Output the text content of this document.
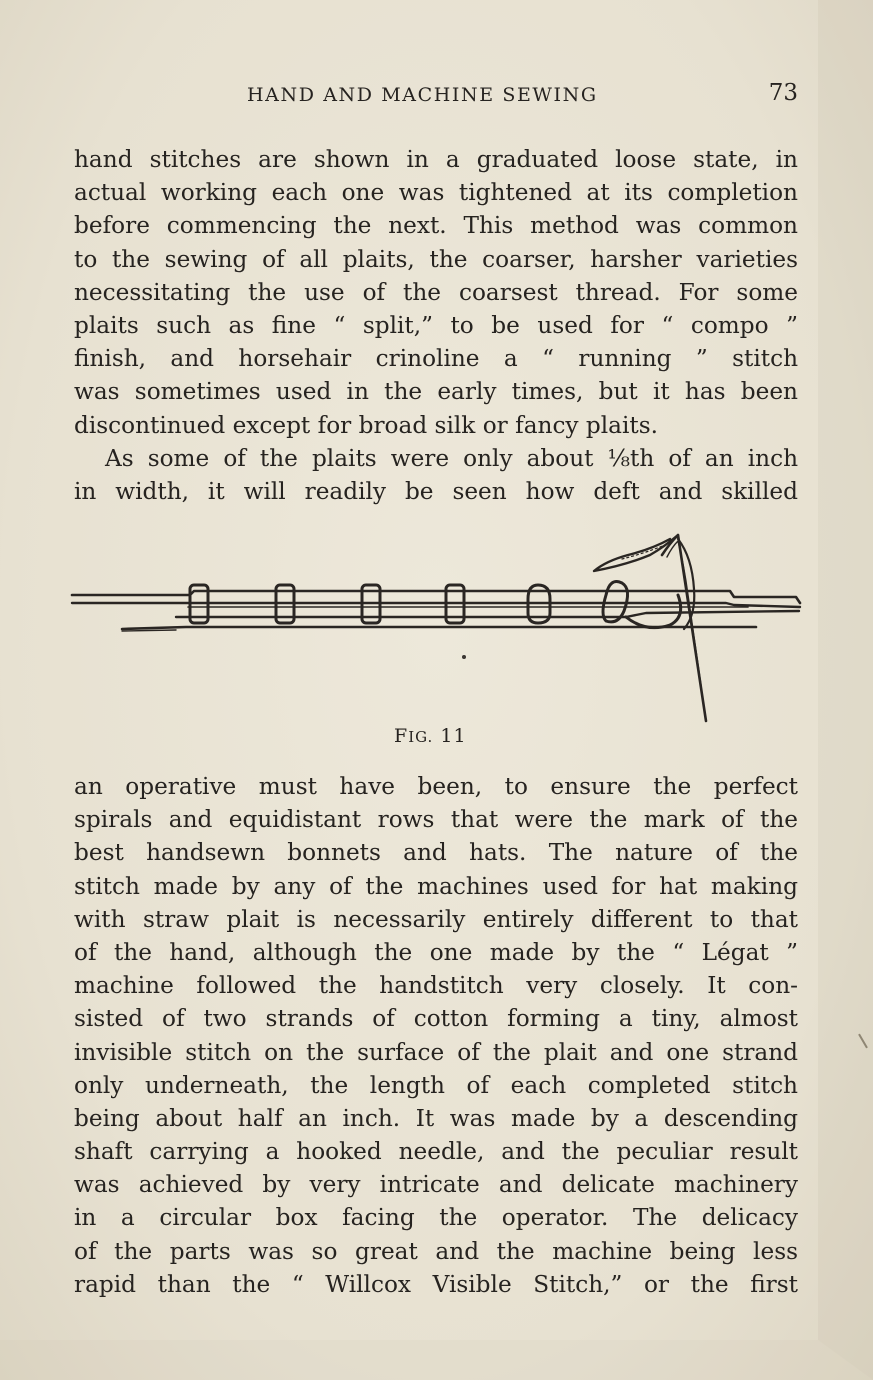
HAND AND MACHINE SEWING	73
hand stitches are shown in a graduated loose state, in
actual working each one was tightened at its completion
before commencing the next. This method was common
to the sewing of all plaits, the coarser, harsher varieties
necessitating the use of the coarsest thread. For some
plaits such as fine “ split,” to be used for “ compo ”
finish, and horsehair crinoline a “ running ” stitch
was sometimes used in the early times, but it has been
discontinued except for broad silk or fancy plaits.
As some of the plaits were only about ⅛th of an inch
in width, it will readily be seen how deft and skilled
FIG. 11
an operative must have been, to ensure the perfect
spirals and equidistant rows that were the mark of the
best handsewn bonnets and hats. The nature of the
stitch made by any of the machines used for hat making
with straw plait is necessarily entirely different to that
of the hand, although the one made by the “ Légat ”
machine followed the handstitch very closely. It con-
sisted of two strands of cotton forming a tiny, almost
invisible stitch on the surface of the plait and one strand
only underneath, the length of each completed stitch
being about half an inch. It was made by a descending
shaft carrying a hooked needle, and the peculiar result
was achieved by very intricate and delicate machinery
in a circular box facing the operator. The delicacy
of the parts was so great and the machine being less
rapid than the “ Willcox Visible Stitch,” or the first
